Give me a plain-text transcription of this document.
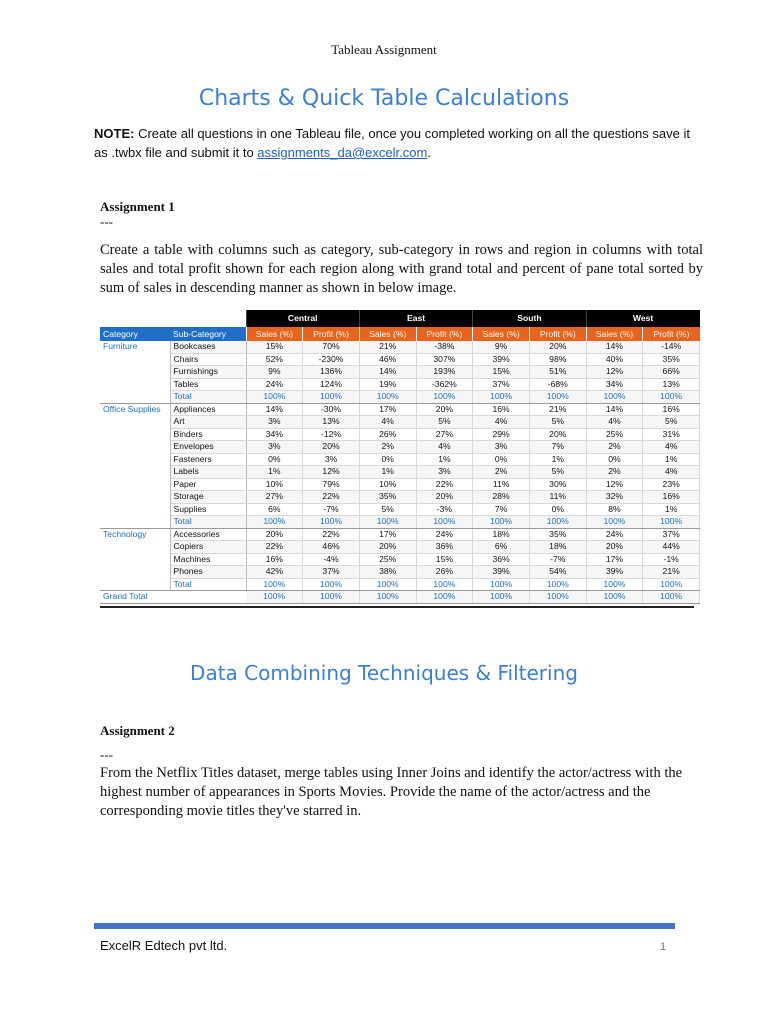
Tableau Assignment
Charts & Quick Table Calculations
NOTE: Create all questions in one Tableau file, once you completed working on all the questions save it as .twbx file and submit it to assignments_da@excelr.com.
Assignment 1
---
Create a table with columns such as category, sub-category in rows and region in columns with total sales and total profit shown for each region along with grand total and percent of pane total sorted by sum of sales in descending manner as shown in below image.
		Central		East		South		West	
Category	Sub-Category	Sales (%)	Profit (%)	Sales (%)	Profit (%)	Sales (%)	Profit (%)	Sales (%)	Profit (%)
Furniture	Bookcases	15%	70%	21%	-38%	9%	20%	14%	-14%
	Chairs	52%	-230%	46%	307%	39%	98%	40%	35%
	Furnishings	9%	136%	14%	193%	15%	51%	12%	66%
	Tables	24%	124%	19%	-362%	37%	-68%	34%	13%
	Total	100%	100%	100%	100%	100%	100%	100%	100%
Office Supplies	Appliances	14%	-30%	17%	20%	16%	21%	14%	16%
	Art	3%	13%	4%	5%	4%	5%	4%	5%
	Binders	34%	-12%	26%	27%	29%	20%	25%	31%
	Envelopes	3%	20%	2%	4%	3%	7%	2%	4%
	Fasteners	0%	3%	0%	1%	0%	1%	0%	1%
	Labels	1%	12%	1%	3%	2%	5%	2%	4%
	Paper	10%	79%	10%	22%	11%	30%	12%	23%
	Storage	27%	22%	35%	20%	28%	11%	32%	16%
	Supplies	6%	-7%	5%	-3%	7%	0%	8%	1%
	Total	100%	100%	100%	100%	100%	100%	100%	100%
Technology	Accessories	20%	22%	17%	24%	18%	35%	24%	37%
	Copiers	22%	46%	20%	36%	6%	18%	20%	44%
	Machines	16%	-4%	25%	15%	36%	-7%	17%	-1%
	Phones	42%	37%	38%	26%	39%	54%	39%	21%
	Total	100%	100%	100%	100%	100%	100%	100%	100%
Grand Total		100%	100%	100%	100%	100%	100%	100%	100%
Data Combining Techniques & Filtering
Assignment 2
---
From the Netflix Titles dataset, merge tables using Inner Joins and identify the actor/actress with the highest number of appearances in Sports Movies. Provide the name of the actor/actress and the corresponding movie titles they've starred in.
ExcelR Edtech pvt ltd.	1
